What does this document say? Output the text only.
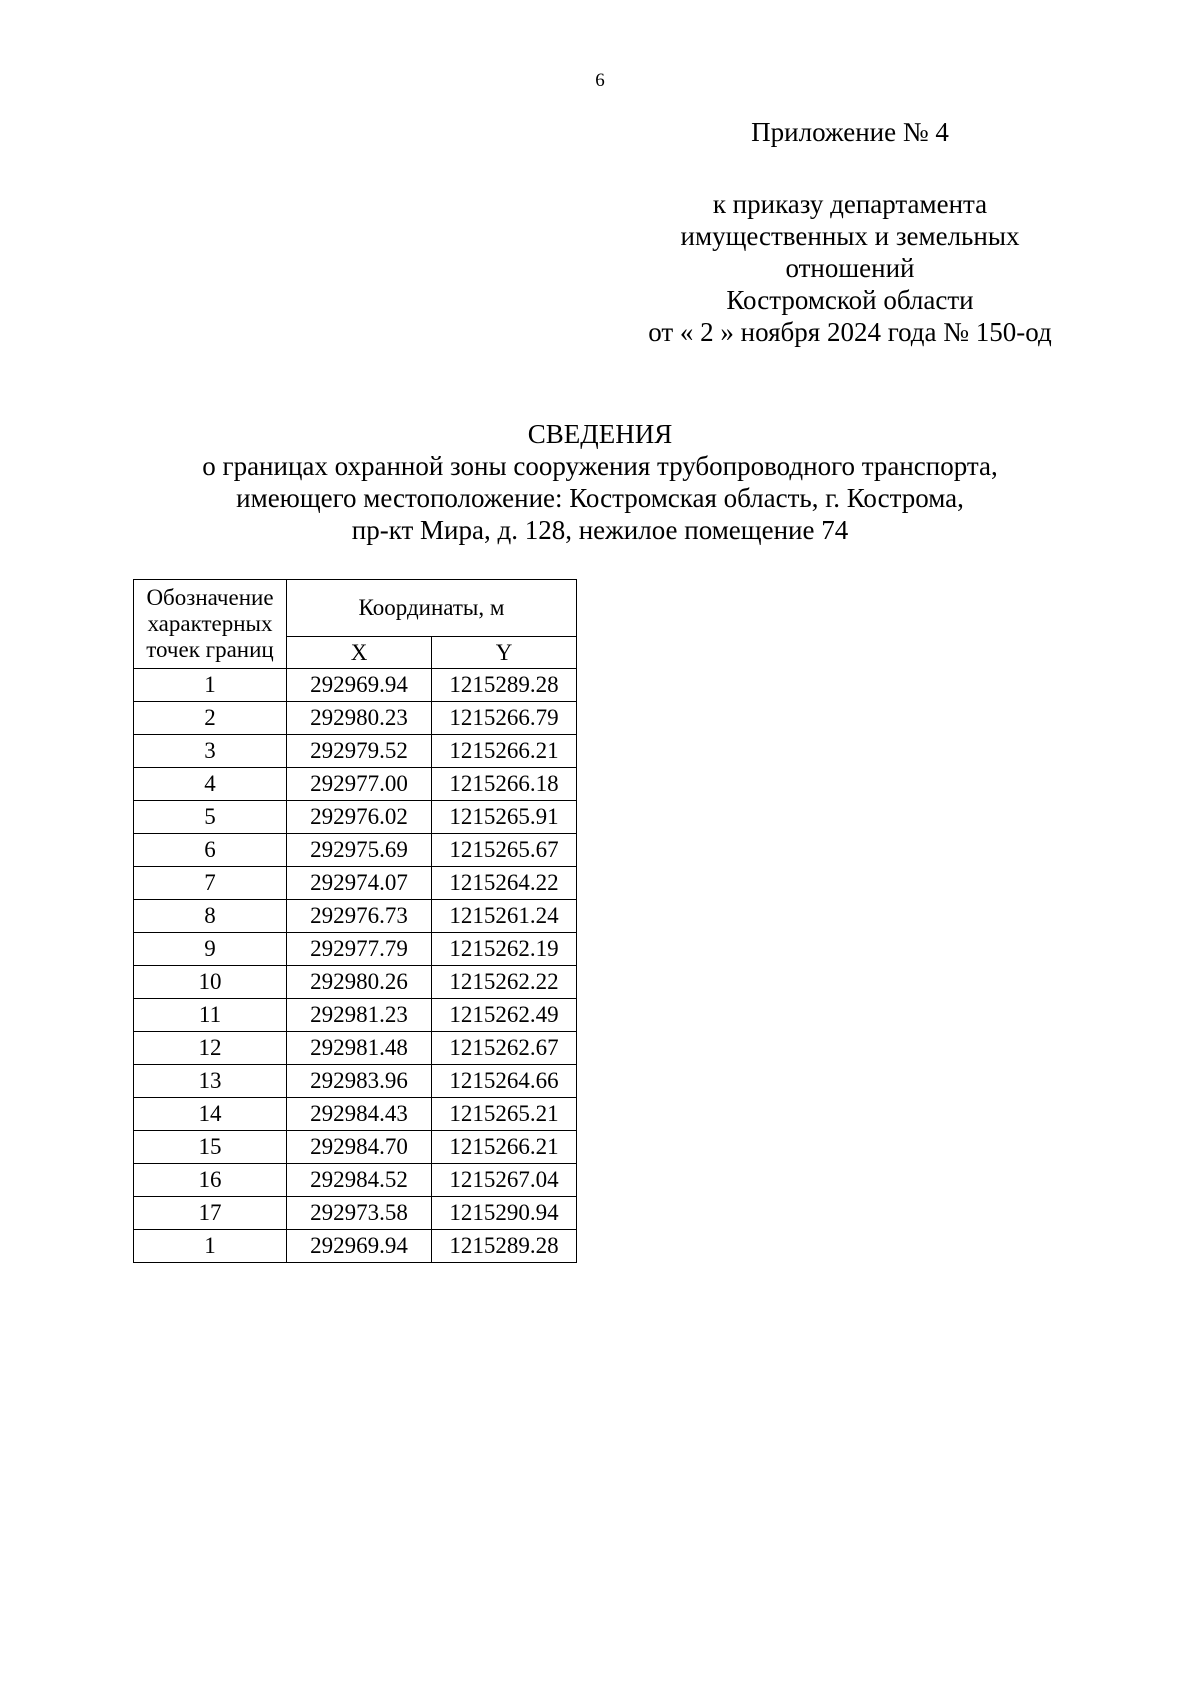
6
Приложение № 4
к приказу департамента
имущественных и земельных
отношений
Костромской области
от « 2 » ноября 2024 года № 150-од
СВЕДЕНИЯ
о границах охранной зоны сооружения трубопроводного транспорта,
имеющего местоположение: Костромская область, г. Кострома,
пр-кт Мира, д. 128, нежилое помещение 74
Обозначение
характерных
точек границ	Координаты, м	
	X	Y
1	292969.94	1215289.28
2	292980.23	1215266.79
3	292979.52	1215266.21
4	292977.00	1215266.18
5	292976.02	1215265.91
6	292975.69	1215265.67
7	292974.07	1215264.22
8	292976.73	1215261.24
9	292977.79	1215262.19
10	292980.26	1215262.22
11	292981.23	1215262.49
12	292981.48	1215262.67
13	292983.96	1215264.66
14	292984.43	1215265.21
15	292984.70	1215266.21
16	292984.52	1215267.04
17	292973.58	1215290.94
1	292969.94	1215289.28
